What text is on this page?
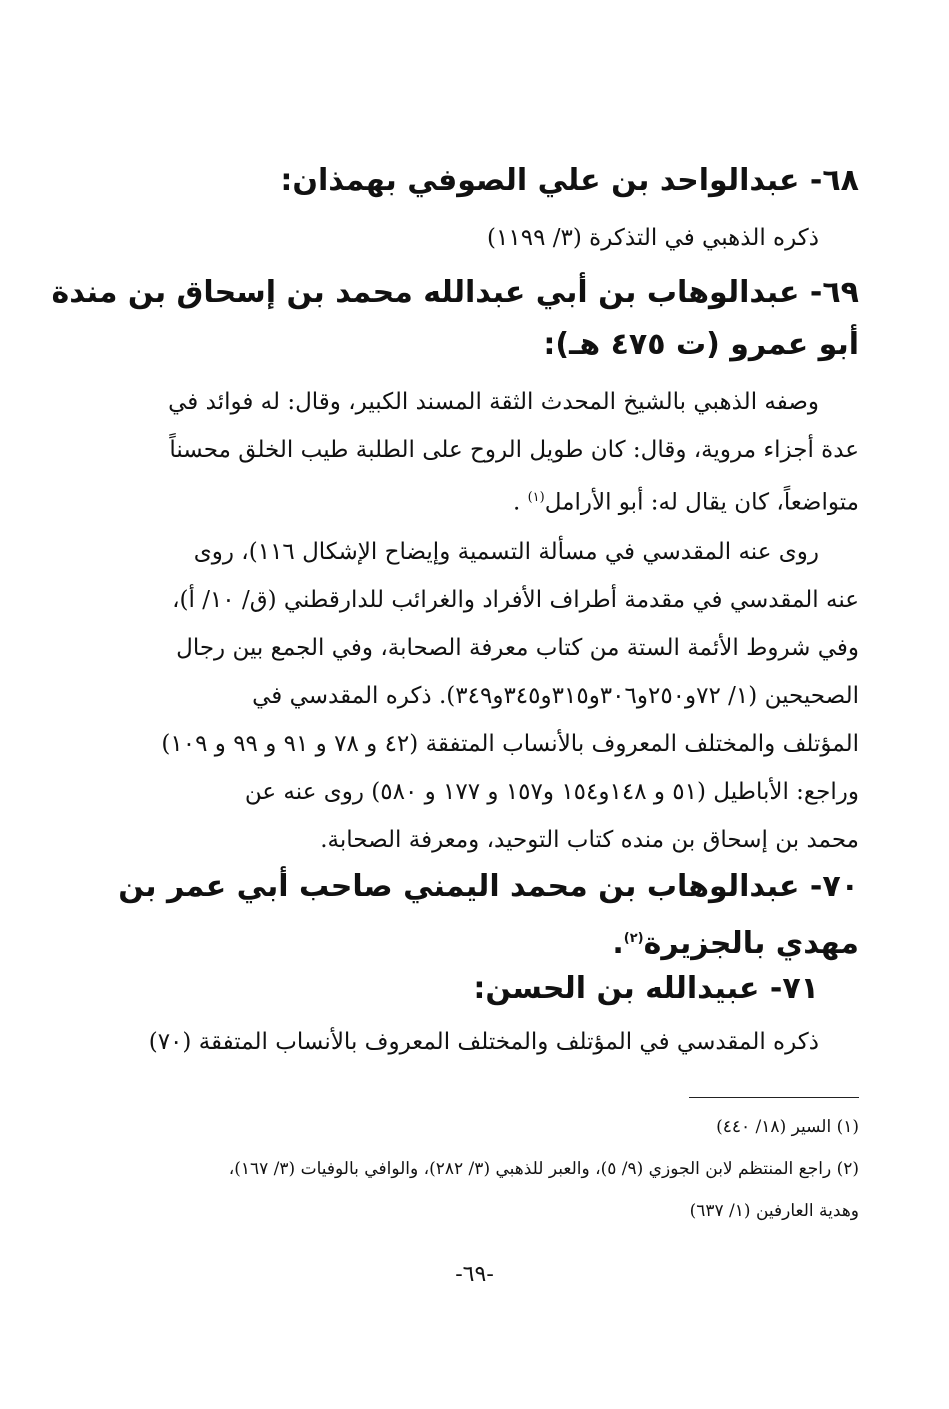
٦٨- عبدالواحد بن علي الصوفي بهمذان:
ذكره الذهبي في التذكرة (٣/ ١١٩٩)
٦٩- عبدالوهاب بن أبي عبدالله محمد بن إسحاق بن مندة
أبو عمرو (ت ٤٧٥ هـ):
وصفه الذهبي بالشيخ المحدث الثقة المسند الكبير، وقال: له فوائد في
عدة أجزاء مروية، وقال: كان طويل الروح على الطلبة طيب الخلق محسناً
متواضعاً، كان يقال له: أبو الأرامل$^{(١)}$ .
روى عنه المقدسي في مسألة التسمية وإيضاح الإشكال ١١٦)، روى
عنه المقدسي في مقدمة أطراف الأفراد والغرائب للدارقطني (ق/ ١٠/ أ)،
وفي شروط الأئمة الستة من كتاب معرفة الصحابة، وفي الجمع بين رجال
الصحيحين (١/ ٧٢و٢٥٠و٣٠٦و٣١٥و٣٤٥و٣٤٩). ذكره المقدسي في
المؤتلف والمختلف المعروف بالأنساب المتفقة (٤٢ و ٧٨ و ٩١ و ٩٩ و ١٠٩)
وراجع: الأباطيل (٥١ و ١٤٨و١٥٤ و١٥٧ و ١٧٧ و ٥٨٠) روى عنه عن
محمد بن إسحاق بن منده كتاب التوحيد، ومعرفة الصحابة.
٧٠- عبدالوهاب بن محمد اليمني صاحب أبي عمر بن
مهدي بالجزيرة$^{(٢)}$.
٧١- عبيدالله بن الحسن:
ذكره المقدسي في المؤتلف والمختلف المعروف بالأنساب المتفقة (٧٠)
(١) السير (١٨/ ٤٤٠)
(٢) راجع المنتظم لابن الجوزي (٩/ ٥)، والعبر للذهبي (٣/ ٢٨٢)، والوافي بالوفيات (٣/ ١٦٧)،
وهدية العارفين (١/ ٦٣٧)
-٦٩-
